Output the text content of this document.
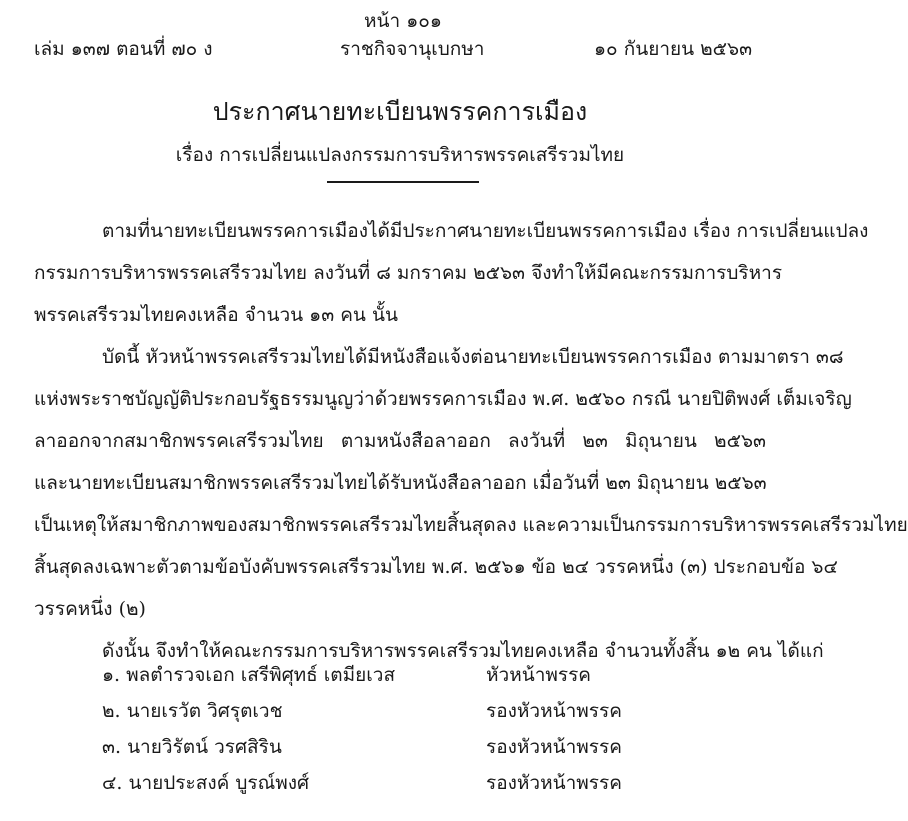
หน้า ๑๐๑
เล่ม ๑๓๗ ตอนที่ ๗๐ ง	ราชกิจจานุเบกษา	๑๐ กันยายน ๒๕๖๓
ประกาศนายทะเบียนพรรคการเมือง
เรื่อง การเปลี่ยนแปลงกรรมการบริหารพรรคเสรีรวมไทย
ตามที่นายทะเบียนพรรคการเมืองได้มีประกาศนายทะเบียนพรรคการเมือง เรื่อง การเปลี่ยนแปลง
กรรมการบริหารพรรคเสรีรวมไทย ลงวันที่ ๘ มกราคม ๒๕๖๓ จึงทำให้มีคณะกรรมการบริหาร
พรรคเสรีรวมไทยคงเหลือ จำนวน ๑๓ คน นั้น
บัดนี้ หัวหน้าพรรคเสรีรวมไทยได้มีหนังสือแจ้งต่อนายทะเบียนพรรคการเมือง ตามมาตรา ๓๘
แห่งพระราชบัญญัติประกอบรัฐธรรมนูญว่าด้วยพรรคการเมือง พ.ศ. ๒๕๖๐ กรณี นายปิติพงศ์ เต็มเจริญ
ลาออกจากสมาชิกพรรคเสรีรวมไทย ตามหนังสือลาออก ลงวันที่ ๒๓ มิถุนายน ๒๕๖๓
และนายทะเบียนสมาชิกพรรคเสรีรวมไทยได้รับหนังสือลาออก เมื่อวันที่ ๒๓ มิถุนายน ๒๕๖๓
เป็นเหตุให้สมาชิกภาพของสมาชิกพรรคเสรีรวมไทยสิ้นสุดลง และความเป็นกรรมการบริหารพรรคเสรีรวมไทย
สิ้นสุดลงเฉพาะตัวตามข้อบังคับพรรคเสรีรวมไทย พ.ศ. ๒๕๖๑ ข้อ ๒๔ วรรคหนึ่ง (๓) ประกอบข้อ ๖๔
วรรคหนึ่ง (๒)
ดังนั้น จึงทำให้คณะกรรมการบริหารพรรคเสรีรวมไทยคงเหลือ จำนวนทั้งสิ้น ๑๒ คน ได้แก่
๑. พลตำรวจเอก เสรีพิศุทธ์ เตมียเวส	หัวหน้าพรรค
๒. นายเรวัต วิศรุตเวช	รองหัวหน้าพรรค
๓. นายวิรัตน์ วรศสิริน	รองหัวหน้าพรรค
๔. นายประสงค์ บูรณ์พงศ์	รองหัวหน้าพรรค
